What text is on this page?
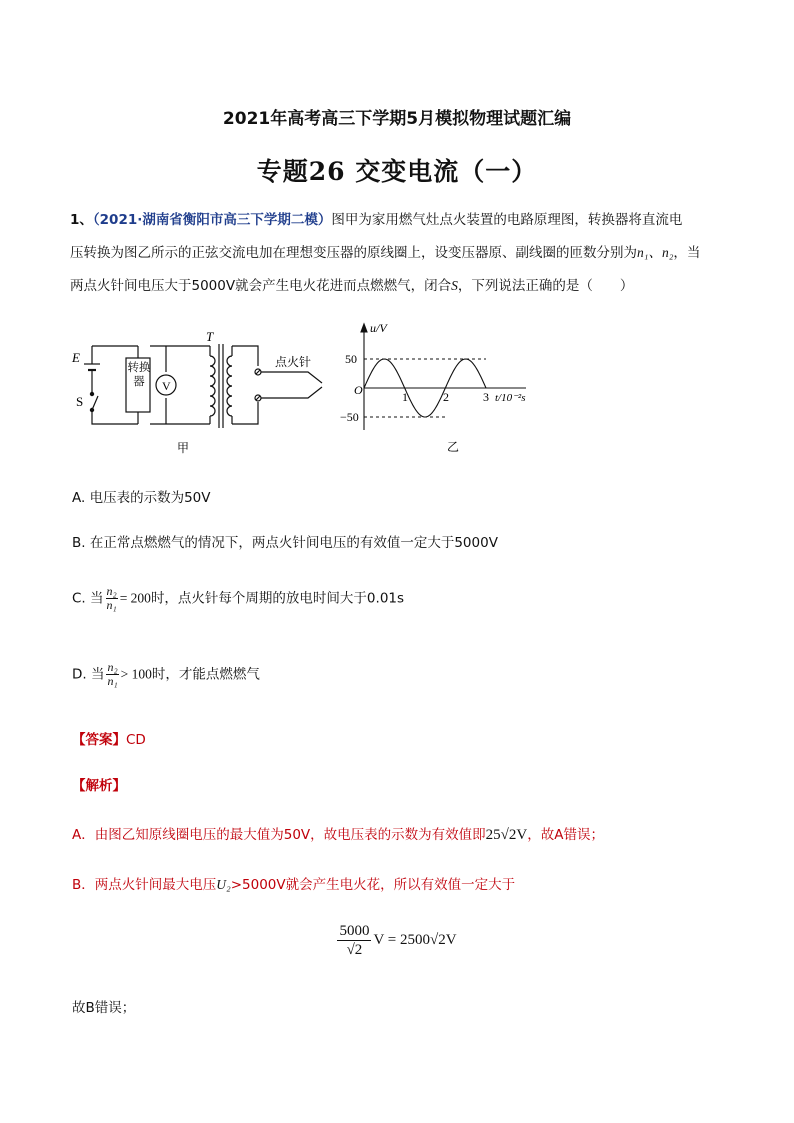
2021年高考高三下学期5月模拟物理试题汇编
专题26 交变电流（一）
1、（2021·湖南省衡阳市高三下学期二模）图甲为家用燃气灶点火装置的电路原理图，转换器将直流电
压转换为图乙所示的正弦交流电加在理想变压器的原线圈上，设变压器原、副线圈的匝数分别为n₁、n₂，当
两点火针间电压大于5000V就会产生电火花进而点燃燃气，闭合S，下列说法正确的是（　　）
E
S
T
V
点火针
甲
转换器
u/V
50
−50
O	1	2	3 t/10⁻²s
乙
A. 电压表的示数为50V
B. 在正常点燃燃气的情况下，两点火针间电压的有效值一定大于5000V
C. 当 $\frac{\text{n₂}}{\text{n₁}} = 200$时，点火针每个周期的放电时间大于0.01s
D. 当 $\frac{\text{n₂}}{\text{n₁}} > 100$时，才能点燃燃气
【答案】CD
【解析】
A．由图乙知原线圈电压的最大值为50V，故电压表的示数为有效值即25√2V，故A错误；
B．两点火针间最大电压U₂>5000V就会产生电火花，所以有效值一定大于
$\frac{5000}{√2}$ V = 2500√2V
故B错误；
